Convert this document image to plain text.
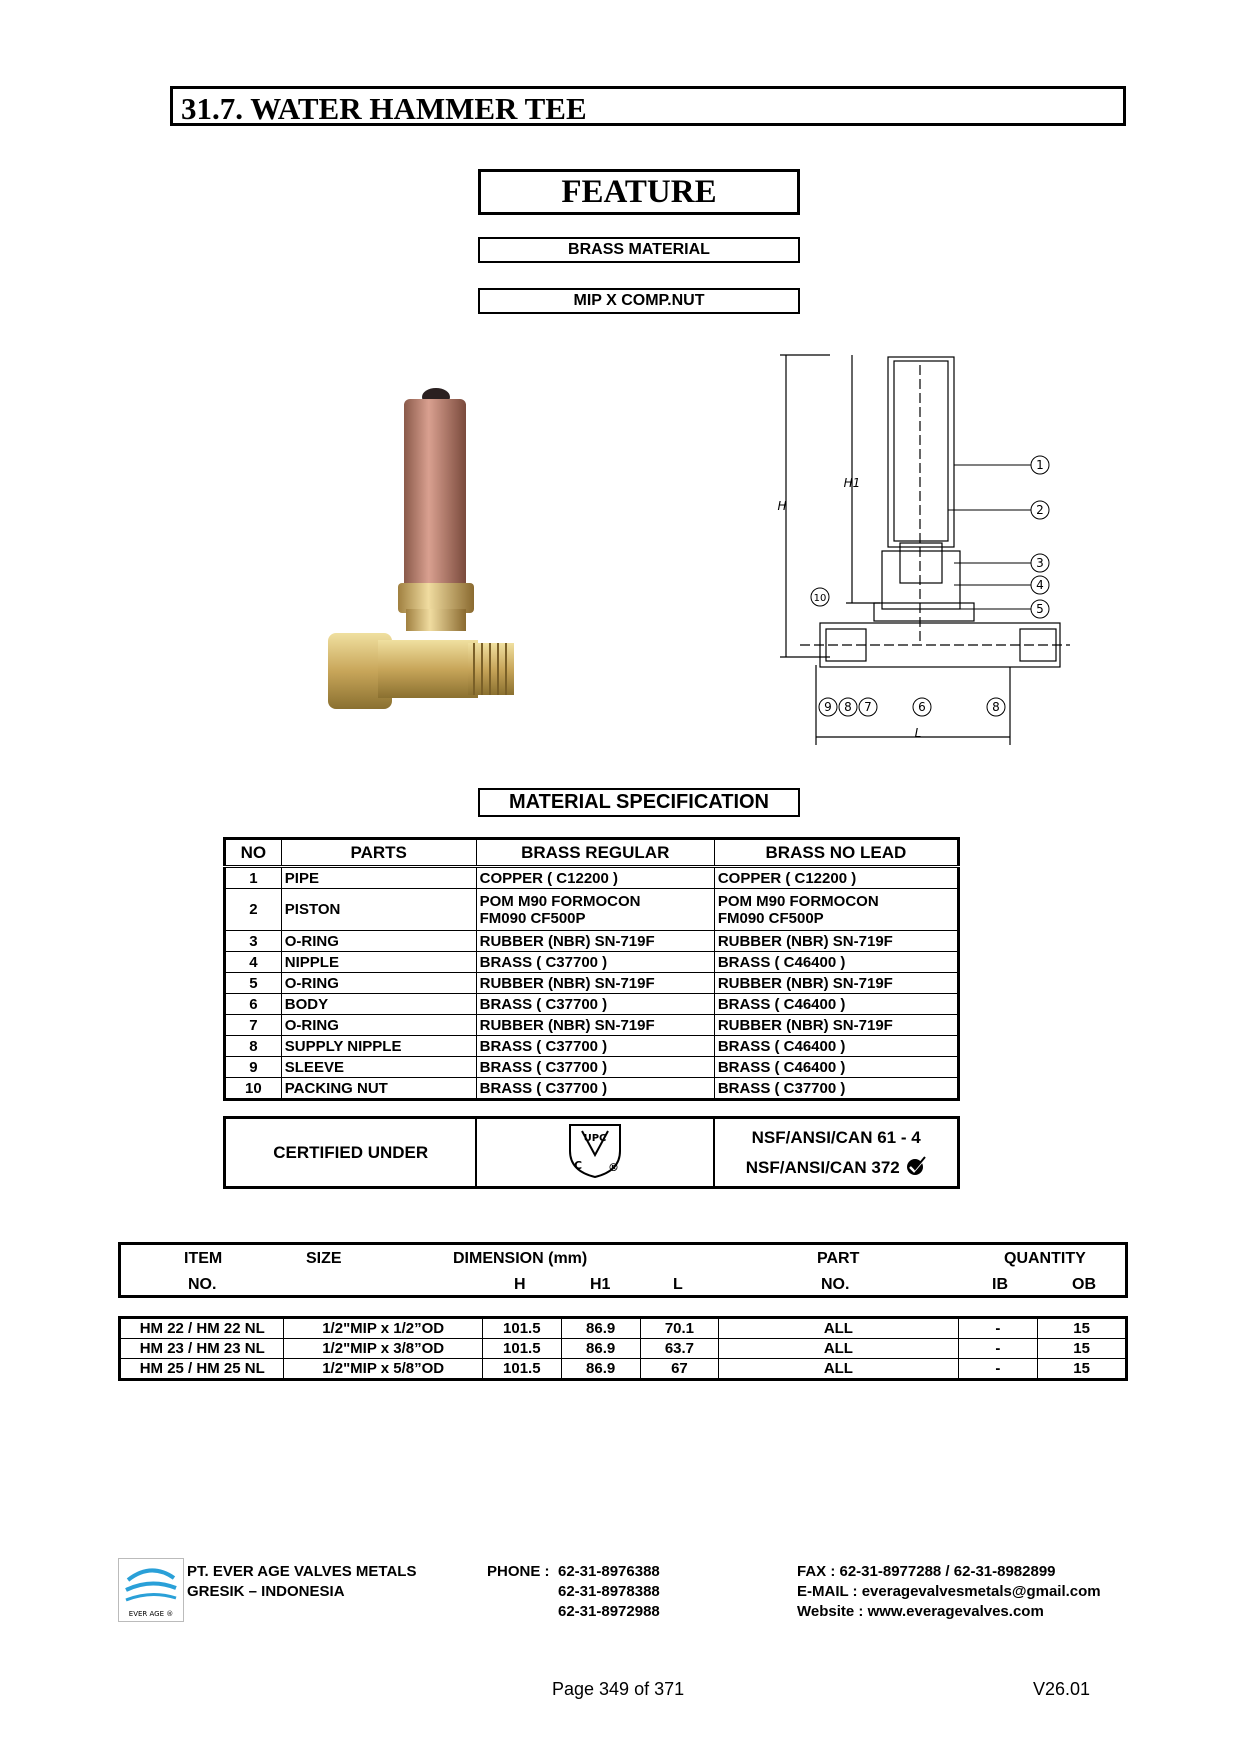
31.7. WATER HAMMER TEE
FEATURE
BRASS MATERIAL
MIP X COMP.NUT
1
2
3
4
5
10
9 8 7	6	8
H
H1
L
MATERIAL SPECIFICATION
NO	PARTS	BRASS REGULAR	BRASS NO LEAD
1	PIPE	COPPER ( C12200 )	COPPER ( C12200 )
2	PISTON	POM M90 FORMOCON FM090 CF500P	POM M90 FORMOCON FM090 CF500P
3	O-RING	RUBBER (NBR) SN-719F	RUBBER (NBR) SN-719F
4	NIPPLE	BRASS ( C37700 )	BRASS ( C46400 )
5	O-RING	RUBBER (NBR) SN-719F	RUBBER (NBR) SN-719F
6	BODY	BRASS ( C37700 )	BRASS ( C46400 )
7	O-RING	RUBBER (NBR) SN-719F	RUBBER (NBR) SN-719F
8	SUPPLY NIPPLE	BRASS ( C37700 )	BRASS ( C46400 )
9	SLEEVE	BRASS ( C37700 )	BRASS ( C46400 )
10	PACKING NUT	BRASS ( C37700 )	BRASS ( C37700 )
CERTIFIED UNDER	
UPC
C ®

NSF/ANSI/CAN 61 - 4
NSF/ANSI/CAN 372
ITEM
NO.
SIZE	DIMENSION (mm)
H	H1	L
PART
NO.
QUANTITY
IB	OB
HM 22 / HM 22 NL	1/2"MIP x 1/2”OD	101.5	86.9	70.1	ALL	-	15
HM 23 / HM 23 NL	1/2"MIP x 3/8”OD	101.5	86.9	63.7	ALL	-	15
HM 25 / HM 25 NL	1/2"MIP x 5/8”OD	101.5	86.9	67	ALL	-	15
EVER AGE ®
PT. EVER AGE VALVES METALS
GRESIK – INDONESIA
PHONE : 62-31-8976388
62-31-8978388
62-31-8972988
FAX : 62-31-8977288 / 62-31-8982899
E-MAIL : everagevalvesmetals@gmail.com
Website : www.everagevalves.com
Page 349 of 371	V26.01
